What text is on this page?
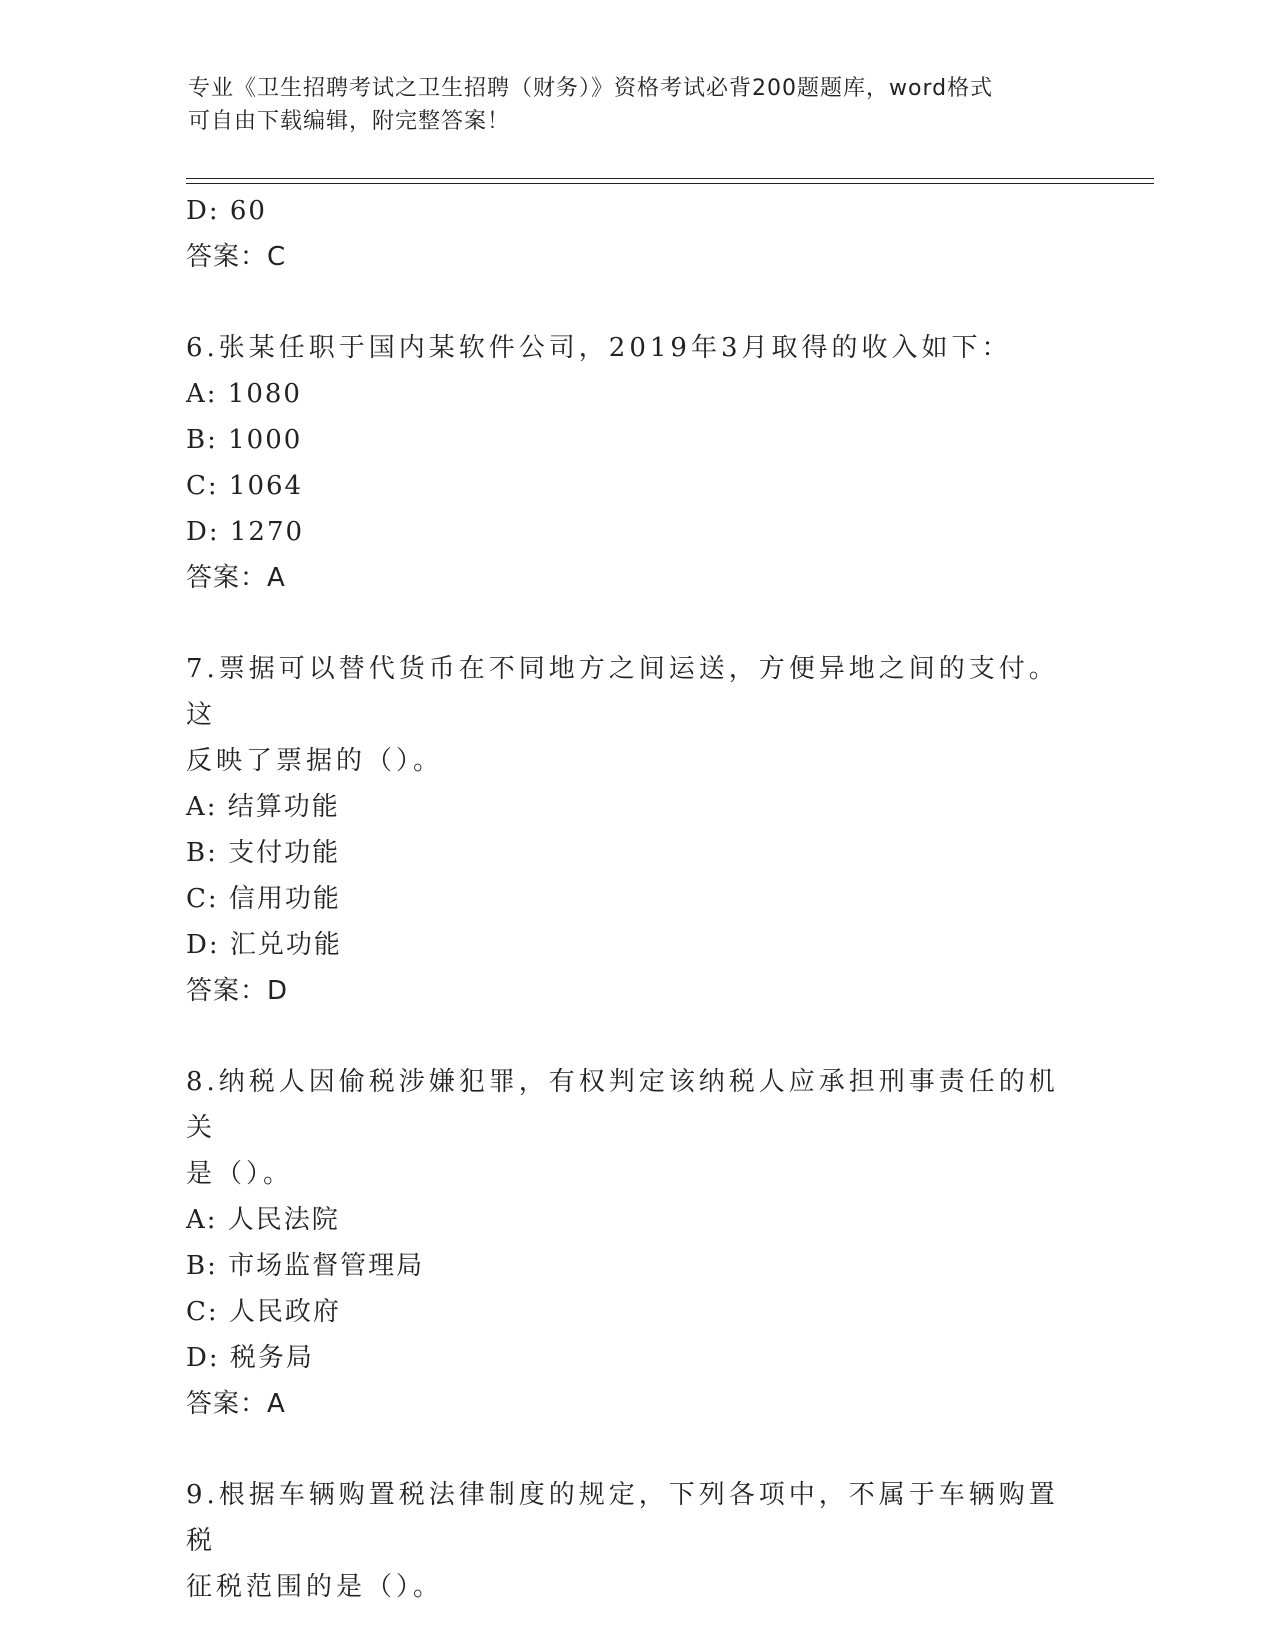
专业《卫生招聘考试之卫生招聘（财务）》资格考试必背200题题库，word格式
可自由下载编辑，附完整答案！
D: 60
答案：C
6.张某任职于国内某软件公司，2019年3月取得的收入如下：
A: 1080
B: 1000
C: 1064
D: 1270
答案：A
7.票据可以替代货币在不同地方之间运送，方便异地之间的支付。这
反映了票据的（）。
A: 结算功能
B: 支付功能
C: 信用功能
D: 汇兑功能
答案：D
8.纳税人因偷税涉嫌犯罪，有权判定该纳税人应承担刑事责任的机关
是（）。
A: 人民法院
B: 市场监督管理局
C: 人民政府
D: 税务局
答案：A
9.根据车辆购置税法律制度的规定，下列各项中，不属于车辆购置税
征税范围的是（）。
